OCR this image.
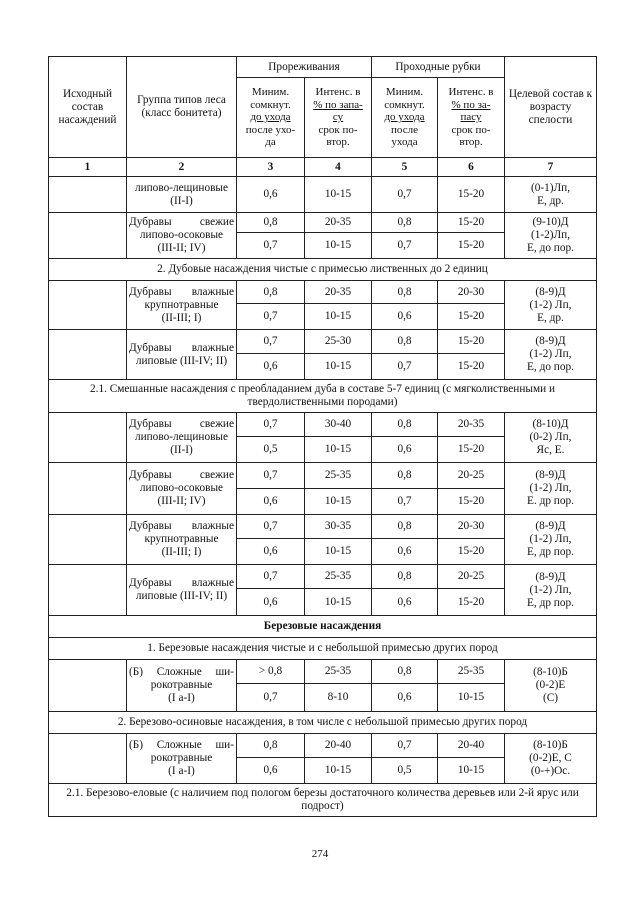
Исходный состав насаждений	Группа типов леса (класс бонитета)	Прореживания		Проходные рубки		Целевой состав к возрасту спелости

		Миним.
сомкнут.
до ухода
после ухо-
да	Интенс. в
% по запа-
су
срок по-
втор.	Миним.
сомкнут.
до ухода
после
ухода	Интенс. в
% по за-
пасу
срок по-
втор.	

1	2	3	4	5	6	7

	липово-лещиновые
(II-I)	0,6	10-15	0,7	15-20	(0-1)Лп,
Е, др.

	Дубравы свежие
липово-осоковые
(III-II; IV)	0,8	20-35	0,8	15-20	(9-10)Д
(1-2)Лп,
Е, до пор.

		0,7	10-15	0,7	15-20	
2. Дубовые насаждения чистые с примесью лиственных до 2 единиц						

	Дубравы влажные
крупнотравные
(II-III; I)	0,8	20-35	0,8	20-30	(8-9)Д
(1-2) Лп,
Е, др.

		0,7	10-15	0,6	15-20	

	Дубравы влажные
липовые (III-IV; II)	0,7	25-30	0,8	15-20	(8-9)Д
(1-2) Лп,
Е, до пор.

		0,6	10-15	0,7	15-20	
2.1. Смешанные насаждения с преобладанием дуба в составе 5-7 единиц (с мягколиственными и твердолиственными породами)						

	Дубравы свежие
липово-лещиновые
(II-I)	0,7	30-40	0,8	20-35	(8-10)Д
(0-2) Лп,
Яс, Е.

		0,5	10-15	0,6	15-20	

	Дубравы свежие
липово-осоковые
(III-II; IV)	0,7	25-35	0,8	20-25	(8-9)Д
(1-2) Лп,
Е. др пор.

		0,6	10-15	0,7	15-20	

	Дубравы влажные
крупнотравные
(II-III; I)	0,7	30-35	0,8	20-30	(8-9)Д
(1-2) Лп,
Е, др пор.

		0,6	10-15	0,6	15-20	

	Дубравы влажные
липовые (III-IV; II)	0,7	25-35	0,8	20-25	(8-9)Д
(1-2) Лп,
Е, др пор.

		0,6	10-15	0,6	15-20	
Березовые насаждения						
1. Березовые насаждения чистые и с небольшой примесью других пород						

	(Б) Сложные ши-
рокотравные
(I а-I)	> 0,8	25-35	0,8	25-35	(8-10)Б
(0-2)Е
(С)

		0,7	8-10	0,6	10-15	
2. Березово-осиновые насаждения, в том числе с небольшой примесью других пород						

	(Б) Сложные ши-
рокотравные
(I а-I)	0,8	20-40	0,7	20-40	(8-10)Б
(0-2)Е, С
(0-+)Ос.

		0,6	10-15	0,5	10-15	
2.1. Березово-еловые (с наличием под пологом березы достаточного количества деревьев или 2-й ярус или подрост)						
274
